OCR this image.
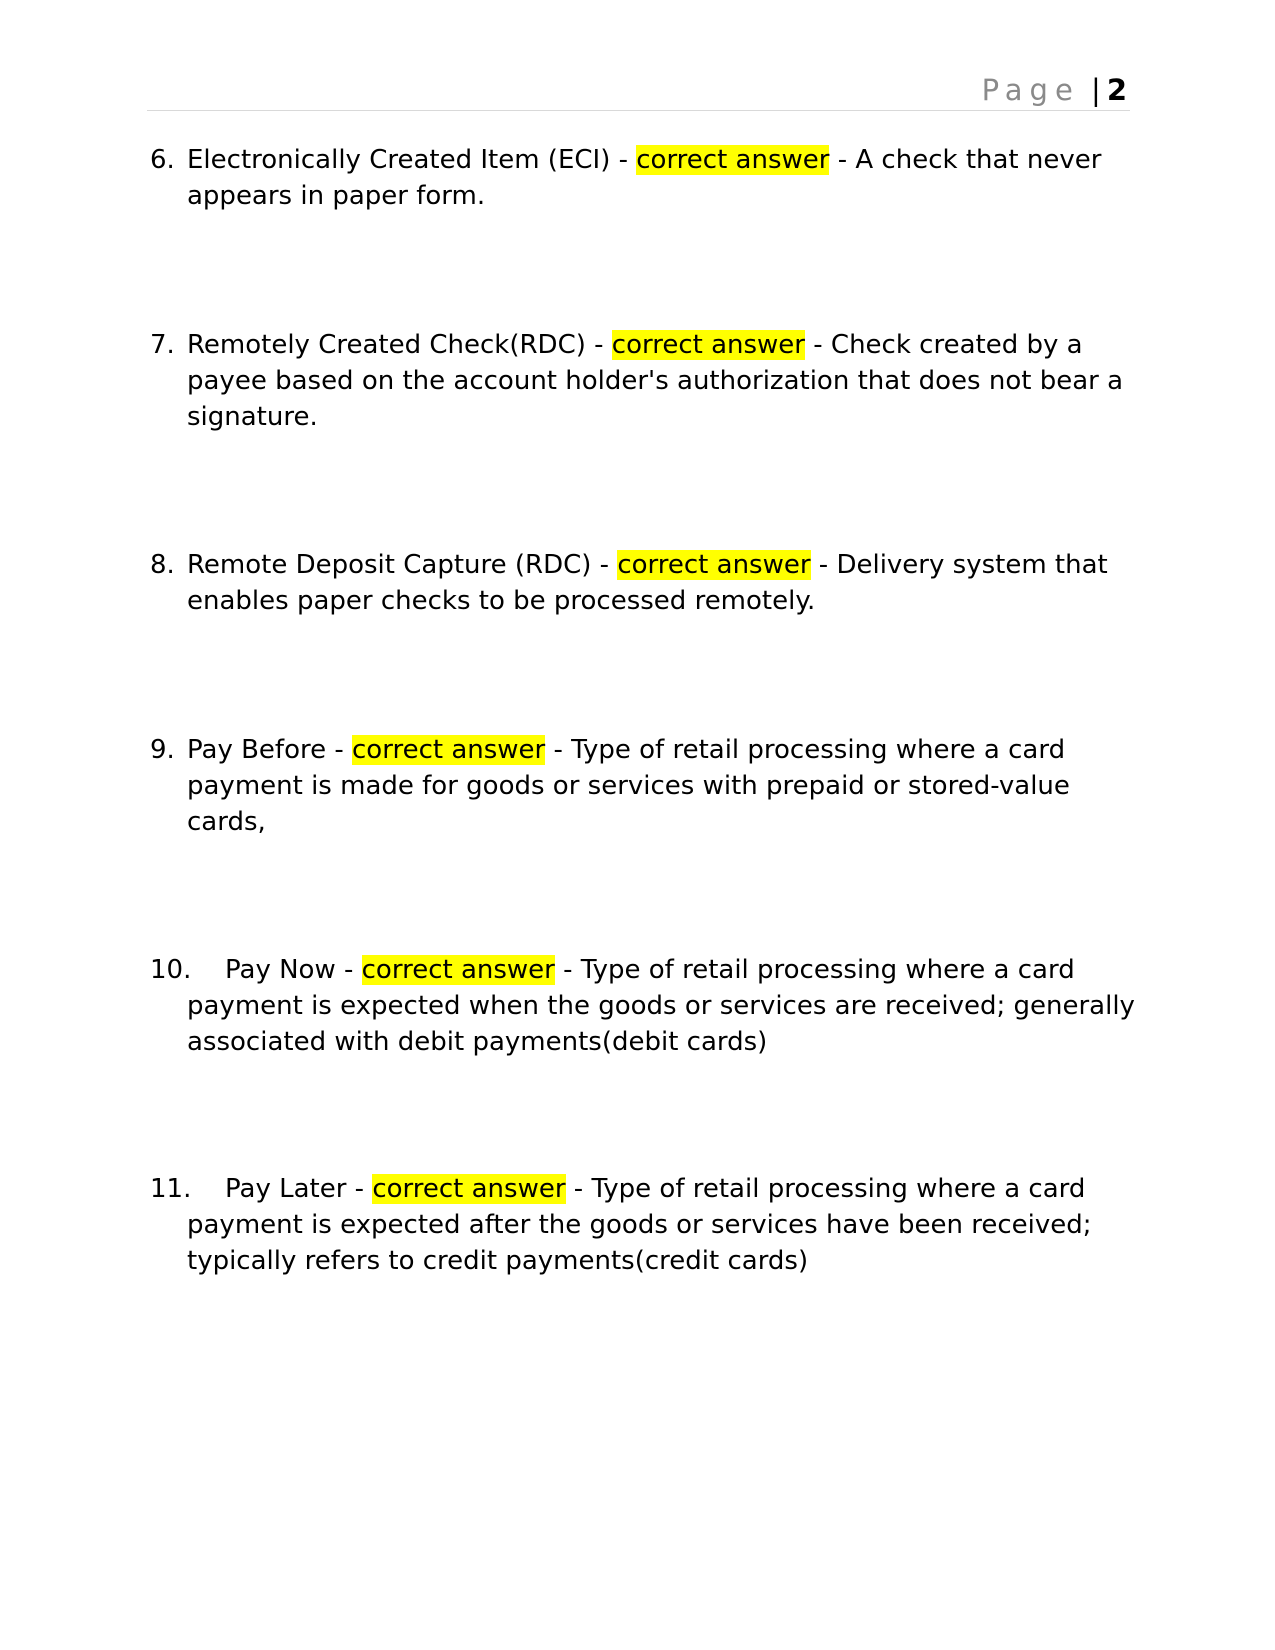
Page | 2
6. Electronically Created Item (ECI) - correct answer - A check that never appears in paper form.
7. Remotely Created Check(RDC) - correct answer - Check created by a payee based on the account holder's authorization that does not bear a signature.
8. Remote Deposit Capture (RDC) - correct answer - Delivery system that enables paper checks to be processed remotely.
9. Pay Before - correct answer - Type of retail processing where a card payment is made for goods or services with prepaid or stored-value cards,
10.	Pay Now - correct answer - Type of retail processing where a card payment is expected when the goods or services are received; generally associated with debit payments(debit cards)
11.	Pay Later - correct answer - Type of retail processing where a card payment is expected after the goods or services have been received; typically refers to credit payments(credit cards)
